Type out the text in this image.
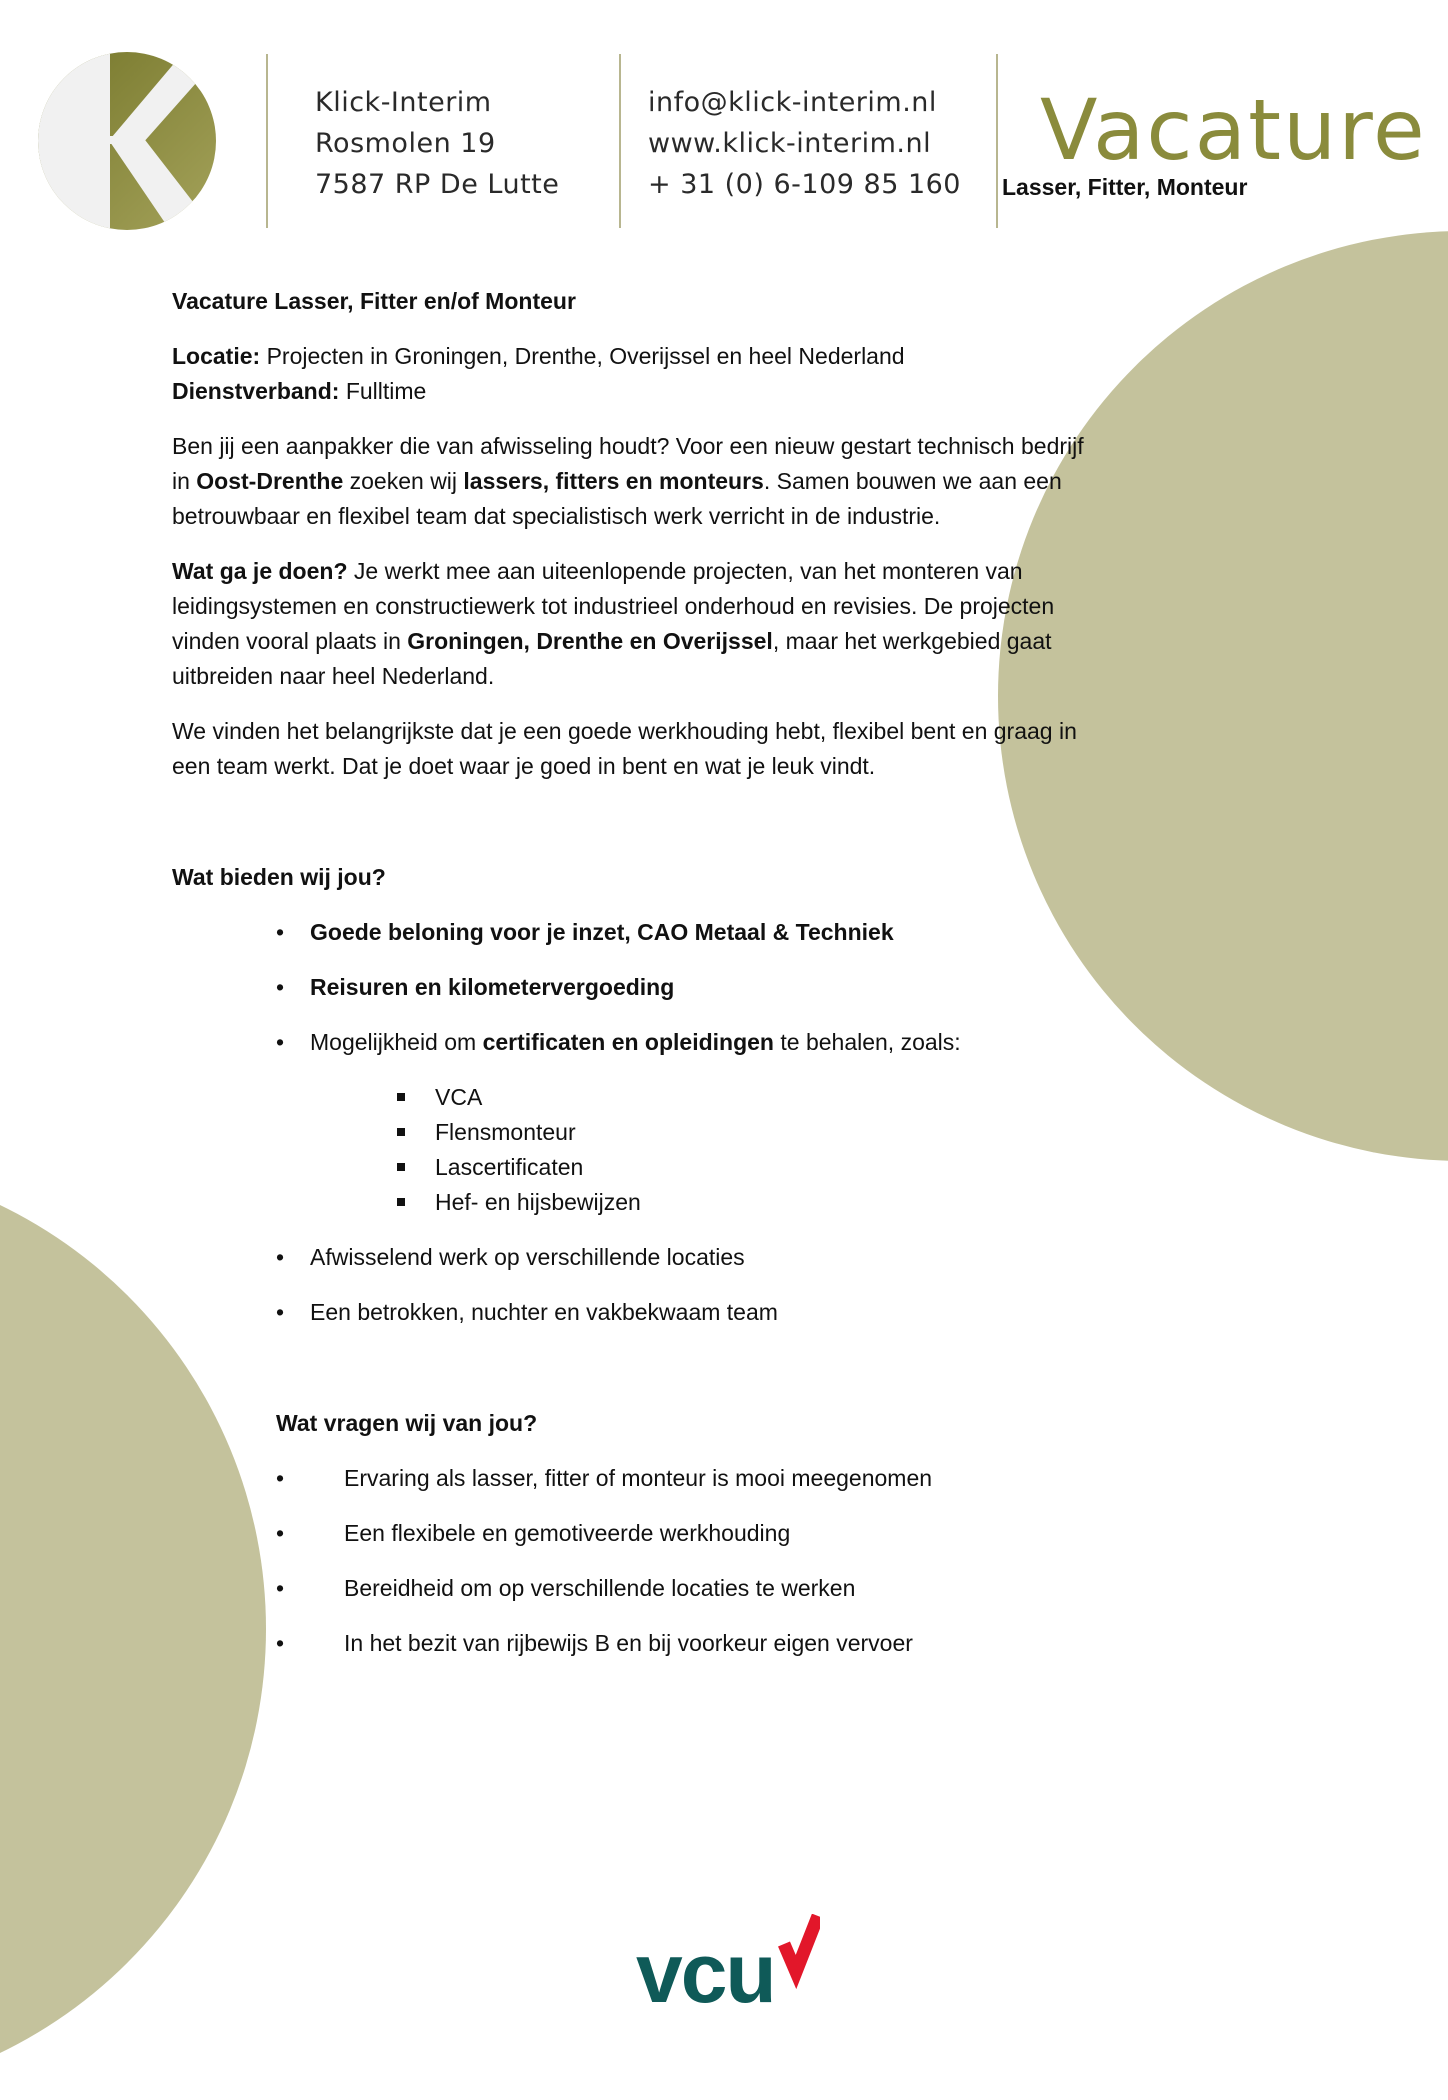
Klick-Interim
Rosmolen 19
7587 RP De Lutte
info@klick-interim.nl
www.klick-interim.nl
+ 31 (0) 6-109 85 160
Vacature
Lasser, Fitter, Monteur

Vacature Lasser, Fitter en/of Monteur

Locatie: Projecten in Groningen, Drenthe, Overijssel en heel Nederland
Dienstverband: Fulltime

Ben jij een aanpakker die van afwisseling houdt? Voor een nieuw gestart technisch bedrijf in Oost-Drenthe zoeken wij lassers, fitters en monteurs. Samen bouwen we aan een betrouwbaar en flexibel team dat specialistisch werk verricht in de industrie.

Wat ga je doen? Je werkt mee aan uiteenlopende projecten, van het monteren van leidingsystemen en constructiewerk tot industrieel onderhoud en revisies. De projecten vinden vooral plaats in Groningen, Drenthe en Overijssel, maar het werkgebied gaat uitbreiden naar heel Nederland.

We vinden het belangrijkste dat je een goede werkhouding hebt, flexibel bent en graag in een team werkt. Dat je doet waar je goed in bent en wat je leuk vindt.

Wat bieden wij jou?

• Goede beloning voor je inzet, CAO Metaal & Techniek
• Reisuren en kilometervergoeding
• Mogelijkheid om certificaten en opleidingen te behalen, zoals:
VCA
Flensmonteur
Lascertificaten
Hef- en hijsbewijzen
• Afwisselend werk op verschillende locaties
• Een betrokken, nuchter en vakbekwaam team

Wat vragen wij van jou?

• Ervaring als lasser, fitter of monteur is mooi meegenomen
• Een flexibele en gemotiveerde werkhouding
• Bereidheid om op verschillende locaties te werken
• In het bezit van rijbewijs B en bij voorkeur eigen vervoer
vcu
